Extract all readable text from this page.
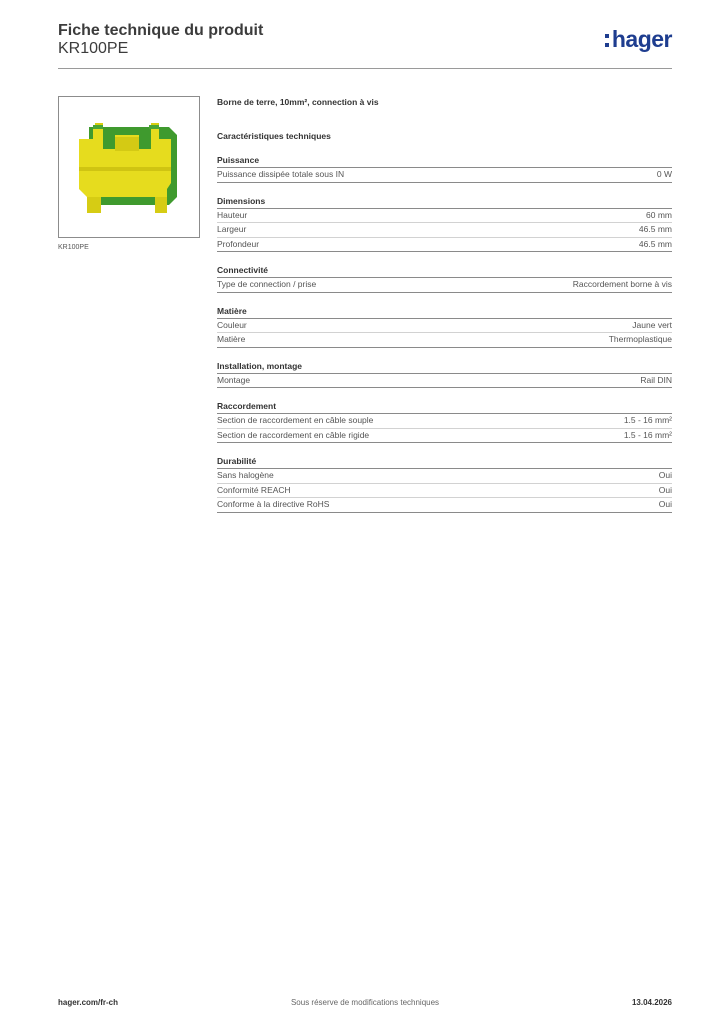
Fiche technique du produit
KR100PE	hager
KR100PE
Borne de terre, 10mm², connection à vis
Caractéristiques techniques
Puissance
Puissance dissipée totale sous IN	0 W
Dimensions
Hauteur	60 mm
Largeur	46.5 mm
Profondeur	46.5 mm
Connectivité
Type de connection / prise	Raccordement borne à vis
Matière
Couleur	Jaune vert
Matière	Thermoplastique
Installation, montage
Montage	Rail DIN
Raccordement
Section de raccordement en câble souple	1.5 - 16 mm²
Section de raccordement en câble rigide	1.5 - 16 mm²
Durabilité
Sans halogène	Oui
Conformité REACH	Oui
Conforme à la directive RoHS	Oui
hager.com/fr-ch	Sous réserve de modifications techniques	13.04.2026
